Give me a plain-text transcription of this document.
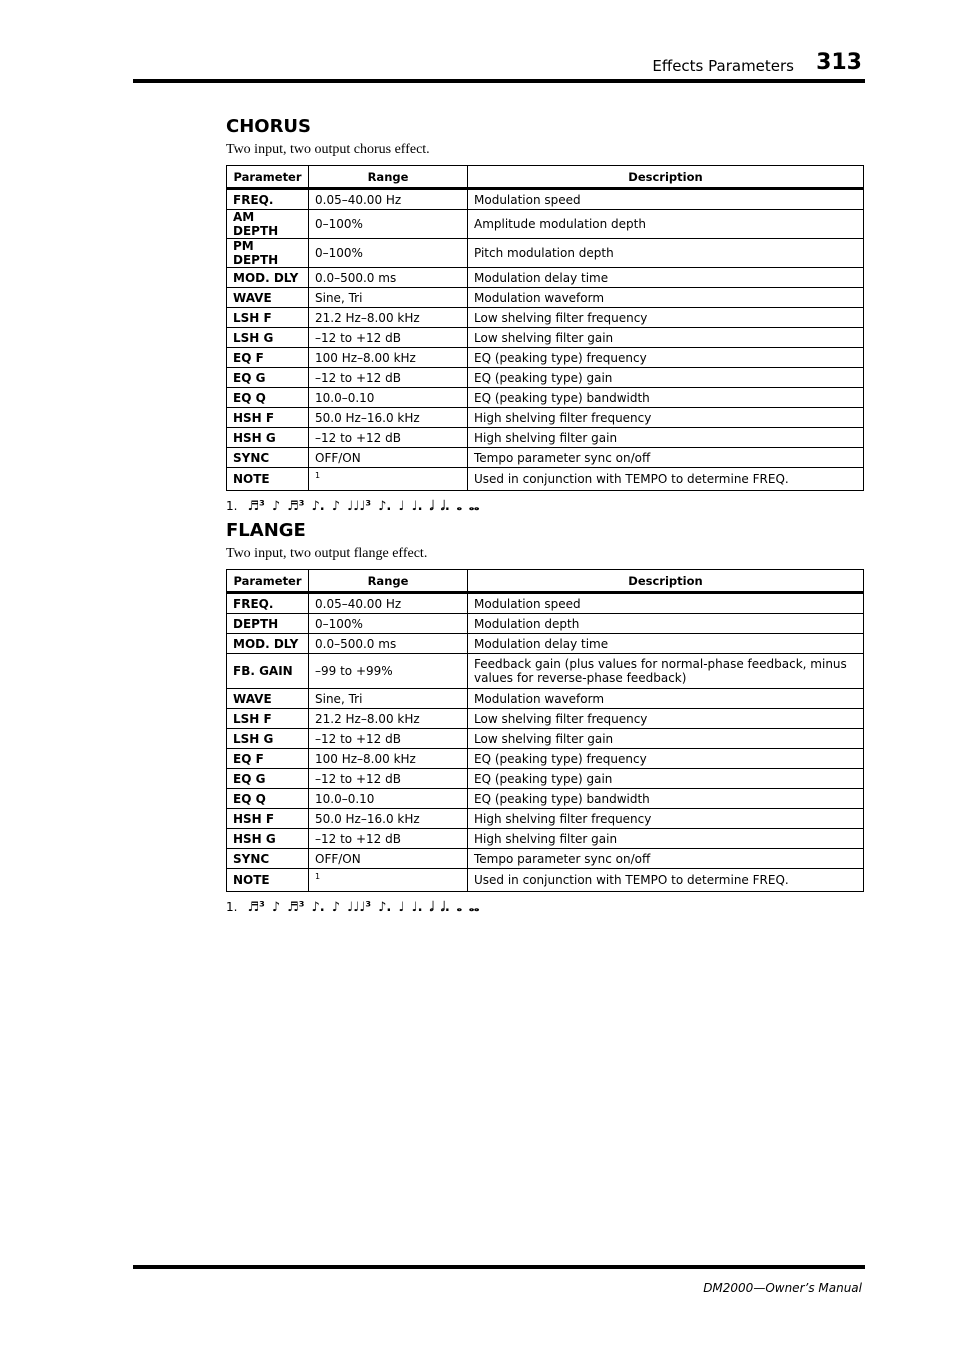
Effects Parameters 313
CHORUS

Two input, two output chorus effect.

Parameter	Range	Description
FREQ.	0.05–40.00 Hz	Modulation speed
AM DEPTH	0–100%	Amplitude modulation depth
PM DEPTH	0–100%	Pitch modulation depth
MOD. DLY	0.0–500.0 ms	Modulation delay time
WAVE	Sine, Tri	Modulation waveform
LSH F	21.2 Hz–8.00 kHz	Low shelving filter frequency
LSH G	–12 to +12 dB	Low shelving filter gain
EQ F	100 Hz–8.00 kHz	EQ (peaking type) frequency
EQ G	–12 to +12 dB	EQ (peaking type) gain
EQ Q	10.0–0.10	EQ (peaking type) bandwidth
HSH F	50.0 Hz–16.0 kHz	High shelving filter frequency
HSH G	–12 to +12 dB	High shelving filter gain
SYNC	OFF/ON	Tempo parameter sync on/off
NOTE	$^1$	Used in conjunction with TEMPO to determine FREQ.
1. ♬³ ♪ ♬³ ♪. ♪ ♩♩♩³ ♪. ♩ ♩. 𝅗𝅥 𝅗𝅥. 𝅝 𝅝𝅝
FLANGE

Two input, two output flange effect.

Parameter	Range	Description
FREQ.	0.05–40.00 Hz	Modulation speed
DEPTH	0–100%	Modulation depth
MOD. DLY	0.0–500.0 ms	Modulation delay time
FB. GAIN	–99 to +99%	Feedback gain (plus values for normal-phase feedback, minus values for reverse-phase feedback)
WAVE	Sine, Tri	Modulation waveform
LSH F	21.2 Hz–8.00 kHz	Low shelving filter frequency
LSH G	–12 to +12 dB	Low shelving filter gain
EQ F	100 Hz–8.00 kHz	EQ (peaking type) frequency
EQ G	–12 to +12 dB	EQ (peaking type) gain
EQ Q	10.0–0.10	EQ (peaking type) bandwidth
HSH F	50.0 Hz–16.0 kHz	High shelving filter frequency
HSH G	–12 to +12 dB	High shelving filter gain
SYNC	OFF/ON	Tempo parameter sync on/off
NOTE	$^1$	Used in conjunction with TEMPO to determine FREQ.
1. ♬³ ♪ ♬³ ♪. ♪ ♩♩♩³ ♪. ♩ ♩. 𝅗𝅥 𝅗𝅥. 𝅝 𝅝𝅝
DM2000—Owner’s Manual
